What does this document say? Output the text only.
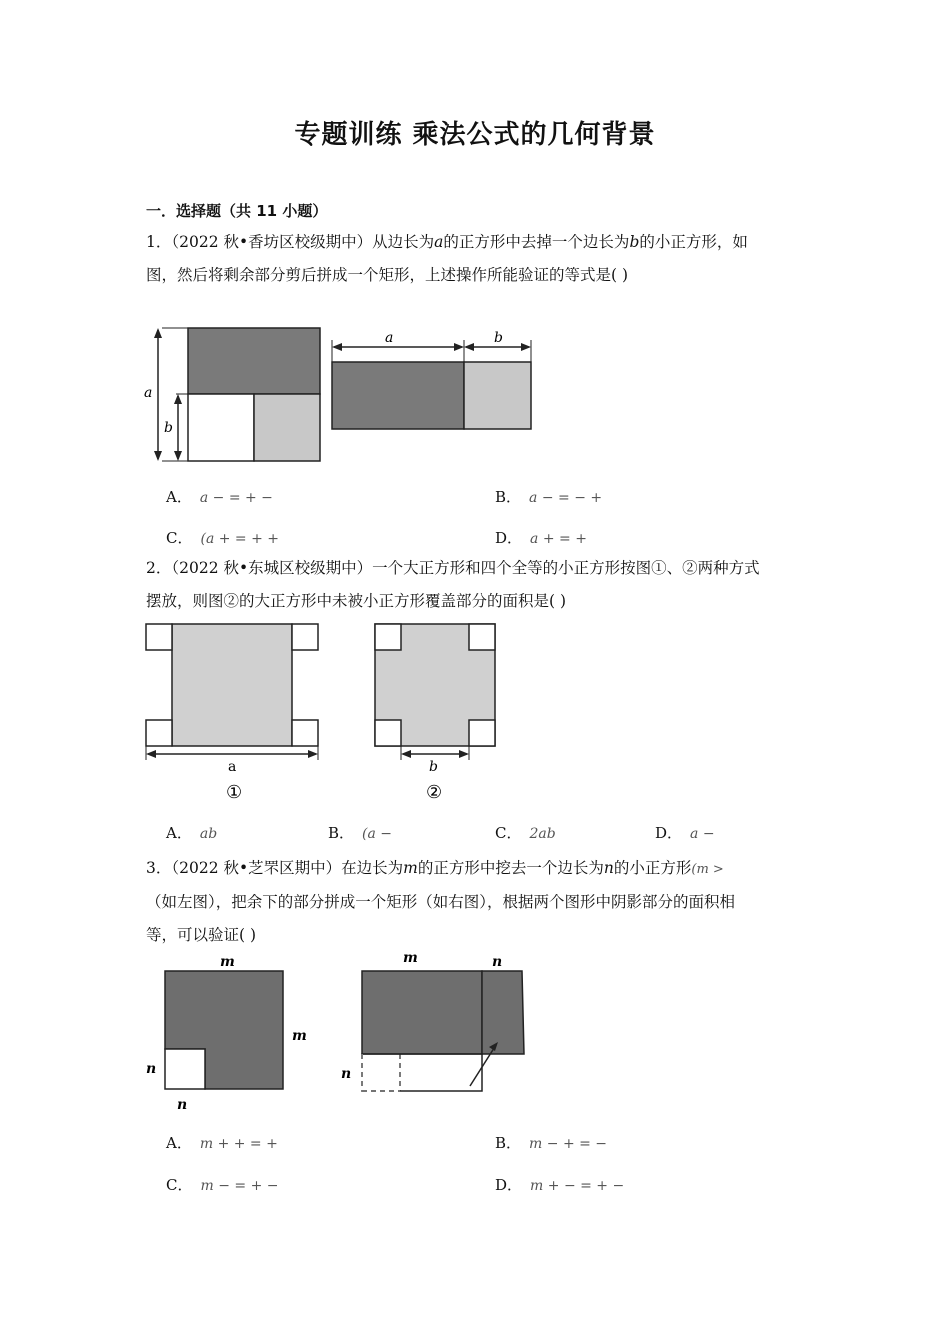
专题训练 乘法公式的几何背景
一．选择题（共 11 小题）
1．（2022 秋•香坊区校级期中）从边长为a的正方形中去掉一个边长为b的小正方形，如
图，然后将剩余部分剪后拼成一个矩形，上述操作所能验证的等式是( )
a
b
a	b
A． a − = + −	B． a − = − +
C． (a + = + +	D． a + = +
2．（2022 秋•东城区校级期中）一个大正方形和四个全等的小正方形按图①、②两种方式
摆放，则图②的大正方形中未被小正方形覆盖部分的面积是( )
a
①
b
②
A． ab	B． (a −	C． 2ab	D． a −
3．（2022 秋•芝罘区期中）在边长为m的正方形中挖去一个边长为n的小正方形(m >
（如左图），把余下的部分拼成一个矩形（如右图），根据两个图形中阴影部分的面积相
等，可以验证( )
m
m
n
n
m	n
n
A． m + + = +	B． m − + = −
C． m − = + −	D． m + − = + −
